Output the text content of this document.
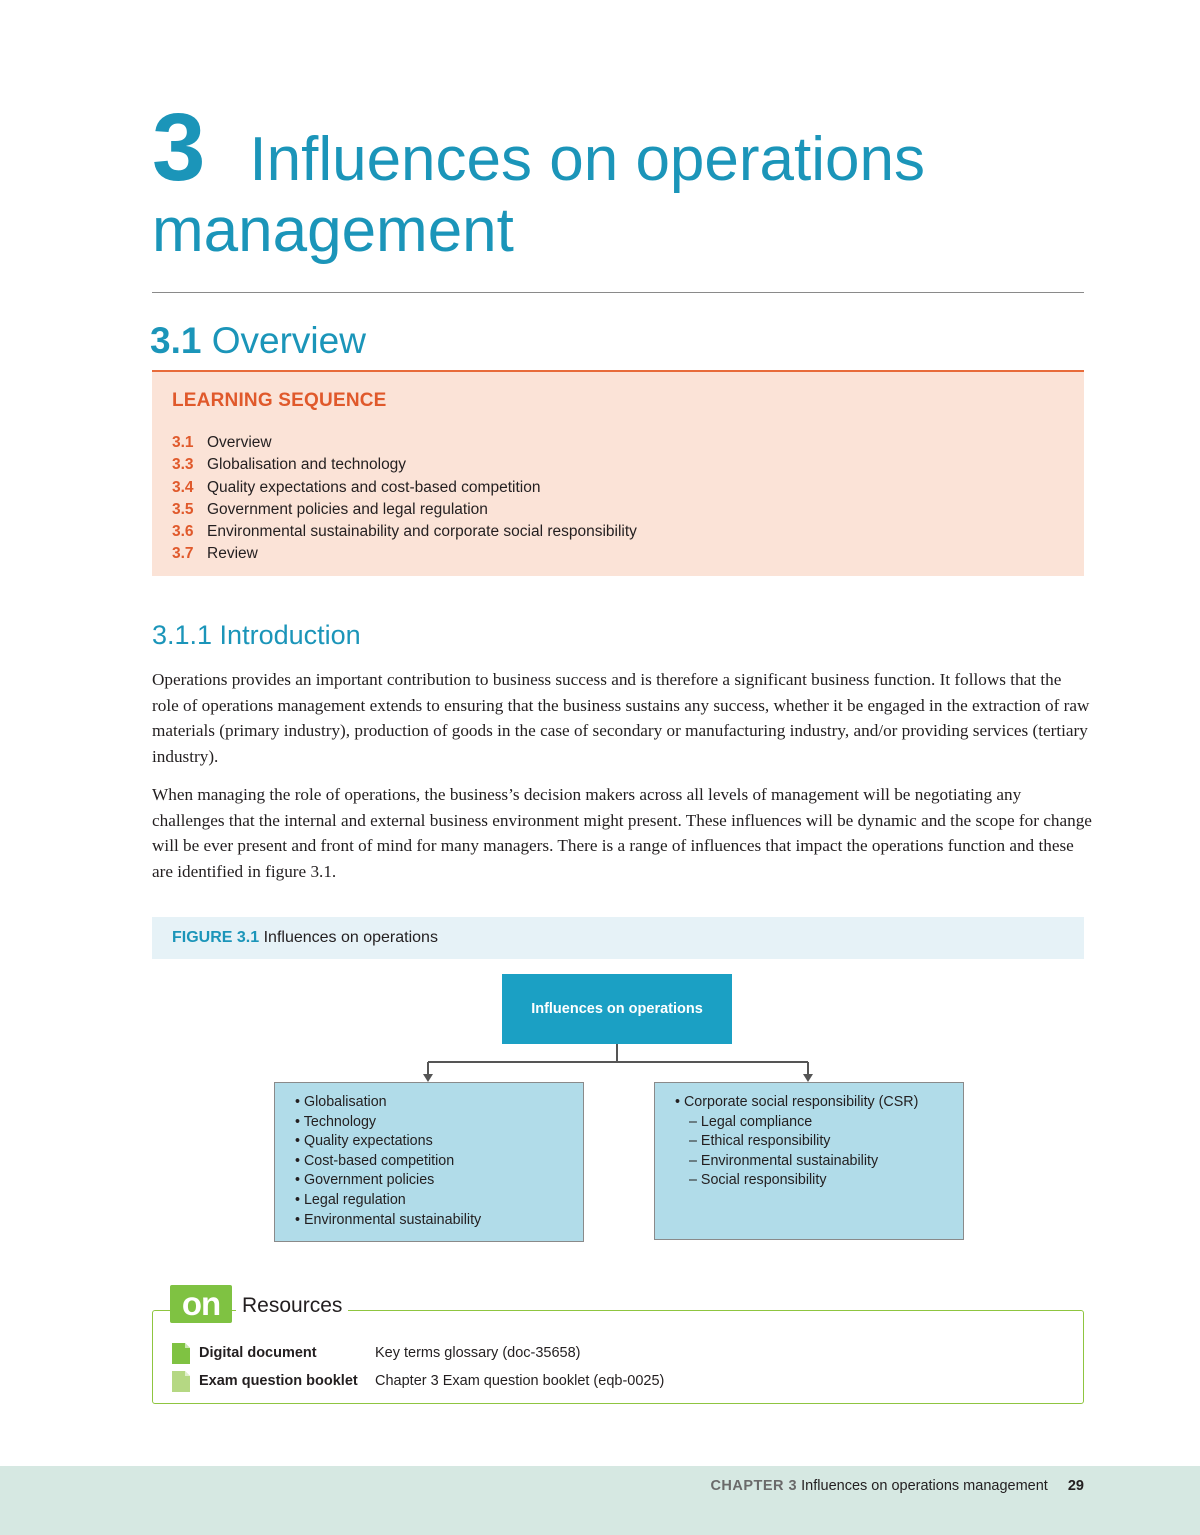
3 Influences on operations
management
3.1 Overview
LEARNING SEQUENCE
3.1 Overview
3.3 Globalisation and technology
3.4 Quality expectations and cost-based competition
3.5 Government policies and legal regulation
3.6 Environmental sustainability and corporate social responsibility
3.7 Review
3.1.1 Introduction

Operations provides an important contribution to business success and is therefore a significant business function. It follows that the role of operations management extends to ensuring that the business sustains any success, whether it be engaged in the extraction of raw materials (primary industry), production of goods in the case of secondary or manufacturing industry, and/or providing services (tertiary industry).

When managing the role of operations, the business’s decision makers across all levels of management will be negotiating any challenges that the internal and external business environment might present. These influences will be dynamic and the scope for change will be ever present and front of mind for many managers. There is a range of influences that impact the operations function and these are identified in figure 3.1.

FIGURE 3.1 Influences on operations
Influences on operations
• Globalisation
• Technology
• Quality expectations
• Cost-based competition
• Government policies
• Legal regulation
• Environmental sustainability
• Corporate social responsibility (CSR)
– Legal compliance
– Ethical responsibility
– Environmental sustainability
– Social responsibility
on	Resources
Digital document	Key terms glossary (doc-35658)
Exam question booklet	Chapter 3 Exam question booklet (eqb-0025)
CHAPTER 3 Influences on operations management 29
